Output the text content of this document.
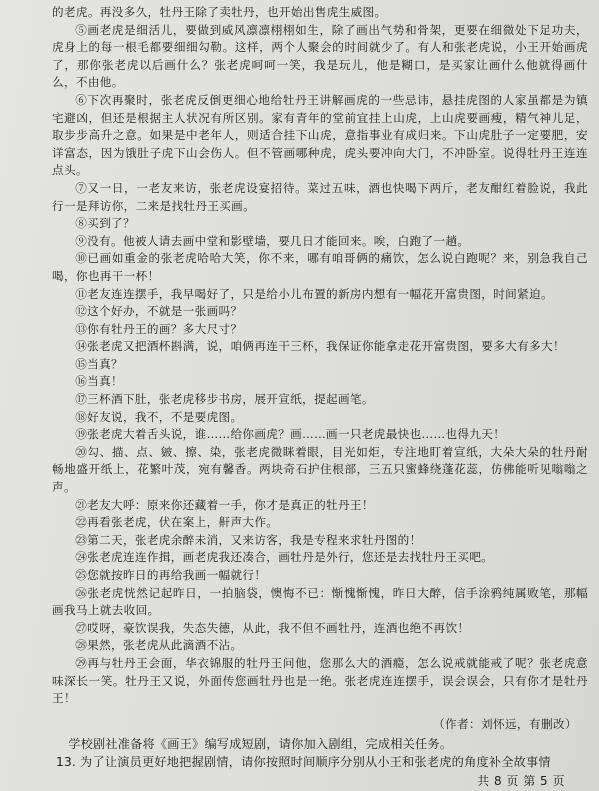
的老虎。再没多久，牡丹王除了卖牡丹，也开始出售虎生威图。

⑤画老虎是细活儿，要做到威风凛凛栩栩如生，除了画出气势和骨架，更要在细微处下足功夫，虎身上的每一根毛都要细细勾勒。这样，两个人聚会的时间就少了。有人和张老虎说，小王开始画虎了，那你张老虎以后画什么？张老虎呵呵一笑，我是玩儿，他是糊口，是买家让画什么他就得画什么，不由他。

⑥下次再聚时，张老虎反倒更细心地给牡丹王讲解画虎的一些忌讳，悬挂虎图的人家虽都是为镇宅避凶，但还是根据主人状况有所区别。家有青年的堂前宜挂上山虎，上山虎要画瘦，精气神儿足，取步步高升之意。如果是中老年人，则适合挂下山虎，意指事业有成归来。下山虎肚子一定要肥，安详富态，因为饿肚子虎下山会伤人。但不管画哪种虎，虎头要冲向大门，不冲卧室。说得牡丹王连连点头。

⑦又一日，一老友来访，张老虎设宴招待。菜过五味，酒也快喝下两斤，老友酣红着脸说，我此行一是拜访你，二来是找牡丹王买画。

⑧买到了？

⑨没有。他被人请去画中堂和影壁墙，要几日才能回来。唉，白跑了一趟。

⑩已画如重金的张老虎哈哈大笑，你不来，哪有咱哥俩的痛饮，怎么说白跑呢？来，别急我自己喝，你也再干一杯！

⑪老友连连摆手，我早喝好了，只是给小儿布置的新房内想有一幅花开富贵图，时间紧迫。

⑫这个好办，不就是一张画吗？

⑬你有牡丹王的画？多大尺寸？

⑭张老虎又把酒杯斟满，说，咱俩再连干三杯，我保证你能拿走花开富贵图，要多大有多大！

⑮当真？

⑯当真！

⑰三杯酒下肚，张老虎移步书房，展开宣纸，提起画笔。

⑱好友说，我不，不是要虎图。

⑲张老虎大着舌头说，谁……给你画虎？画……画一只老虎最快也……也得九天！

⑳勾、描、点、皴、擦、染，张老虎微眯着眼，目光如炬，专注地盯着宣纸，大朵大朵的牡丹耐畅地盛开纸上，花繁叶茂，宛有馨香。两块奇石护住根部，三五只蜜蜂绕蓬花蕊，仿佛能听见嗡嗡之声。

㉑老友大呼：原来你还藏着一手，你才是真正的牡丹王！

㉒再看张老虎，伏在案上，鼾声大作。

㉓第二天，张老虎余醉未消，又来访客，我是专程来求牡丹图的！

㉔张老虎连连作揖，画老虎我还凑合，画牡丹是外行，您还是去找牡丹王买吧。

㉕您就按昨日的再给我画一幅就行！

㉖张老虎恍然记起昨日，一拍脑袋，懊悔不已：惭愧惭愧，昨日大醉，信手涂鸦纯属败笔，那幅画我马上就去收回。

㉗哎呀，豪饮误我，失态失德，从此，我不但不画牡丹，连酒也绝不再饮！

㉘果然，张老虎从此滴酒不沾。

㉙再与牡丹王会面，华衣锦服的牡丹王问他，您那么大的酒瘾，怎么说戒就能戒了呢？张老虎意味深长一笑。牡丹王又说，外面传您画牡丹也是一绝。张老虎连连摆手，误会误会，只有你才是牡丹王！

（作者：刘怀远，有删改）

学校剧社准备将《画王》编写成短剧，请你加入剧组，完成相关任务。

13. 为了让演员更好地把握剧情，请你按照时间顺序分别从小王和张老虎的角度补全故事情

共 8 页 第 5 页
